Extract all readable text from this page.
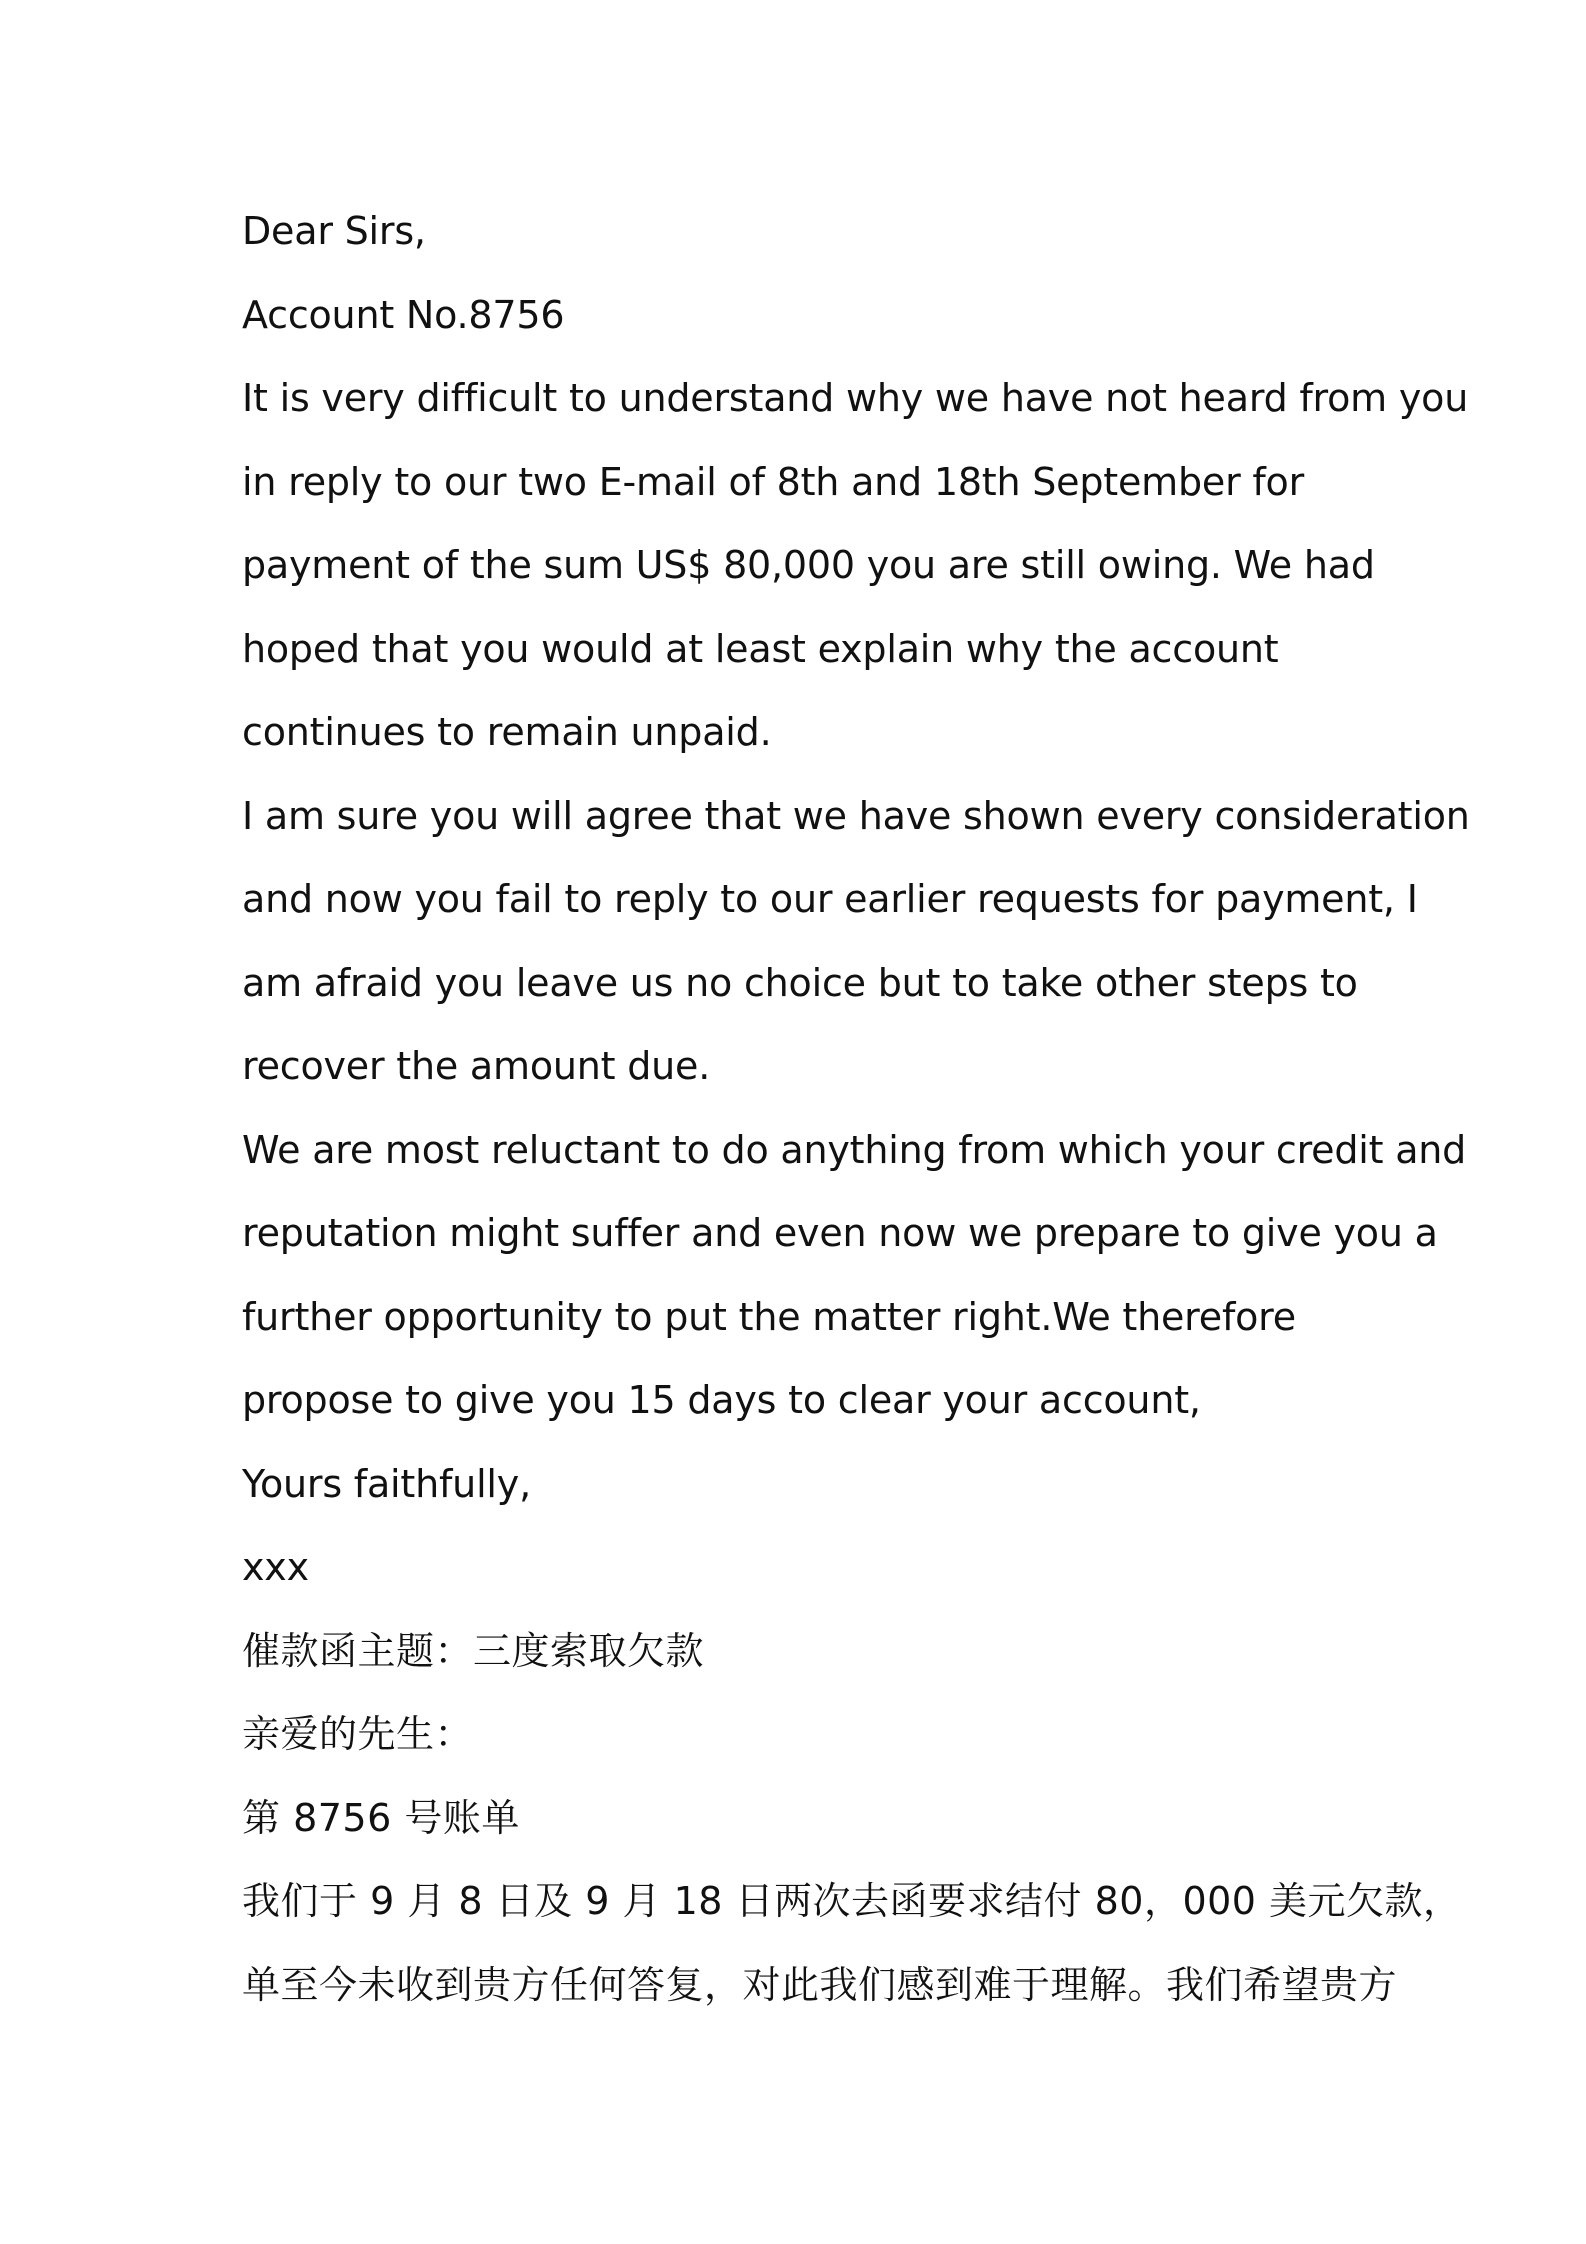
Dear Sirs,
Account No.8756
It is very difficult to understand why we have not heard from you
in reply to our two E-mail of 8th and 18th September for
payment of the sum US$ 80,000 you are still owing. We had
hoped that you would at least explain why the account
continues to remain unpaid.
I am sure you will agree that we have shown every consideration
and now you fail to reply to our earlier requests for payment, I
am afraid you leave us no choice but to take other steps to
recover the amount due.
We are most reluctant to do anything from which your credit and
reputation might suffer and even now we prepare to give you a
further opportunity to put the matter right.We therefore
propose to give you 15 days to clear your account,
Yours faithfully,
xxx
催款函主题：三度索取欠款
亲爱的先生：
第 8756 号账单
我们于 9 月 8 日及 9 月 18 日两次去函要求结付 80，000 美元欠款，
单至今未收到贵方任何答复，对此我们感到难于理解。我们希望贵方
